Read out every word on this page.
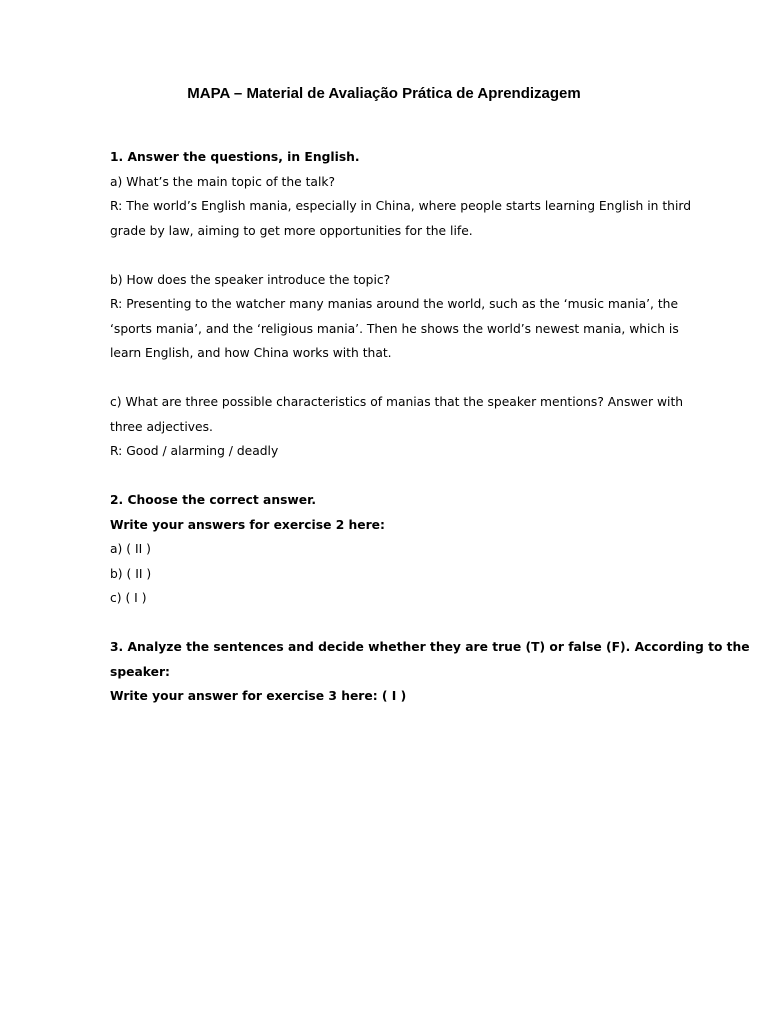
MAPA – Material de Avaliação Prática de Aprendizagem

1. Answer the questions, in English.

a) What’s the main topic of the talk?

R: The world’s English mania, especially in China, where people starts learning English in third

grade by law, aiming to get more opportunities for the life.

b) How does the speaker introduce the topic?

R: Presenting to the watcher many manias around the world, such as the ‘music mania’, the

‘sports mania’, and the ‘religious mania’. Then he shows the world’s newest mania, which is

learn English, and how China works with that.

c) What are three possible characteristics of manias that the speaker mentions? Answer with

three adjectives.

R: Good / alarming / deadly

2. Choose the correct answer.

Write your answers for exercise 2 here:

a) ( II )

b) ( II )

c) ( I )

3. Analyze the sentences and decide whether they are true (T) or false (F). According to the

speaker:

Write your answer for exercise 3 here: ( I )
